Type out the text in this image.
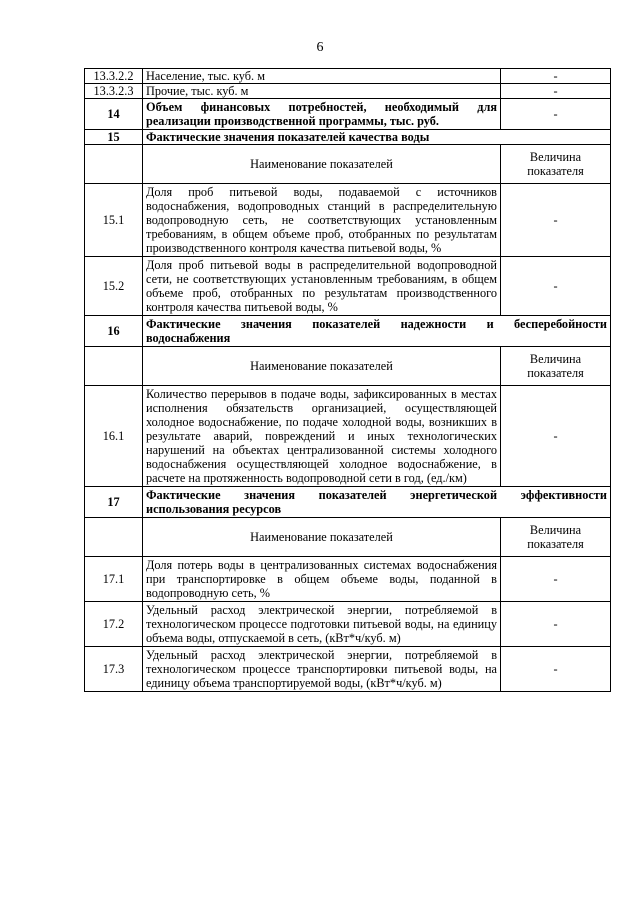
6
13.3.2.2	Население, тыс. куб. м	-
13.3.2.3	Прочие, тыс. куб. м	-
14	Объем финансовых потребностей, необходимый для реализации производственной программы, тыс. руб.	-
15	Фактические значения показателей качества воды	
	Наименование показателей	Величина показателя
15.1	Доля проб питьевой воды, подаваемой с источников водоснабжения, водопроводных станций в распределительную водопроводную сеть, не соответствующих установленным требованиям, в общем объеме проб, отобранных по результатам производственного контроля качества питьевой воды, %	-
15.2	Доля проб питьевой воды в распределительной водопроводной сети, не соответствующих установленным требованиям, в общем объеме проб, отобранных по результатам производственного контроля качества питьевой воды, %	-
16	Фактические значения показателей надежности и бесперебойности водоснабжения	
	Наименование показателей	Величина показателя
16.1	Количество перерывов в подаче воды, зафиксированных в местах исполнения обязательств организацией, осуществляющей холодное водоснабжение, по подаче холодной воды, возникших в результате аварий, повреждений и иных технологических нарушений на объектах централизованной системы холодного водоснабжения осуществляющей холодное водоснабжение, в расчете на протяженность водопроводной сети в год, (ед./км)	-
17	Фактические значения показателей энергетической эффективности использования ресурсов	
	Наименование показателей	Величина показателя
17.1	Доля потерь воды в централизованных системах водоснабжения при транспортировке в общем объеме воды, поданной в водопроводную сеть, %	-
17.2	Удельный расход электрической энергии, потребляемой в технологическом процессе подготовки питьевой воды, на единицу объема воды, отпускаемой в сеть, (кВт*ч/куб. м)	-
17.3	Удельный расход электрической энергии, потребляемой в технологическом процессе транспортировки питьевой воды, на единицу объема транспортируемой воды, (кВт*ч/куб. м)	-
